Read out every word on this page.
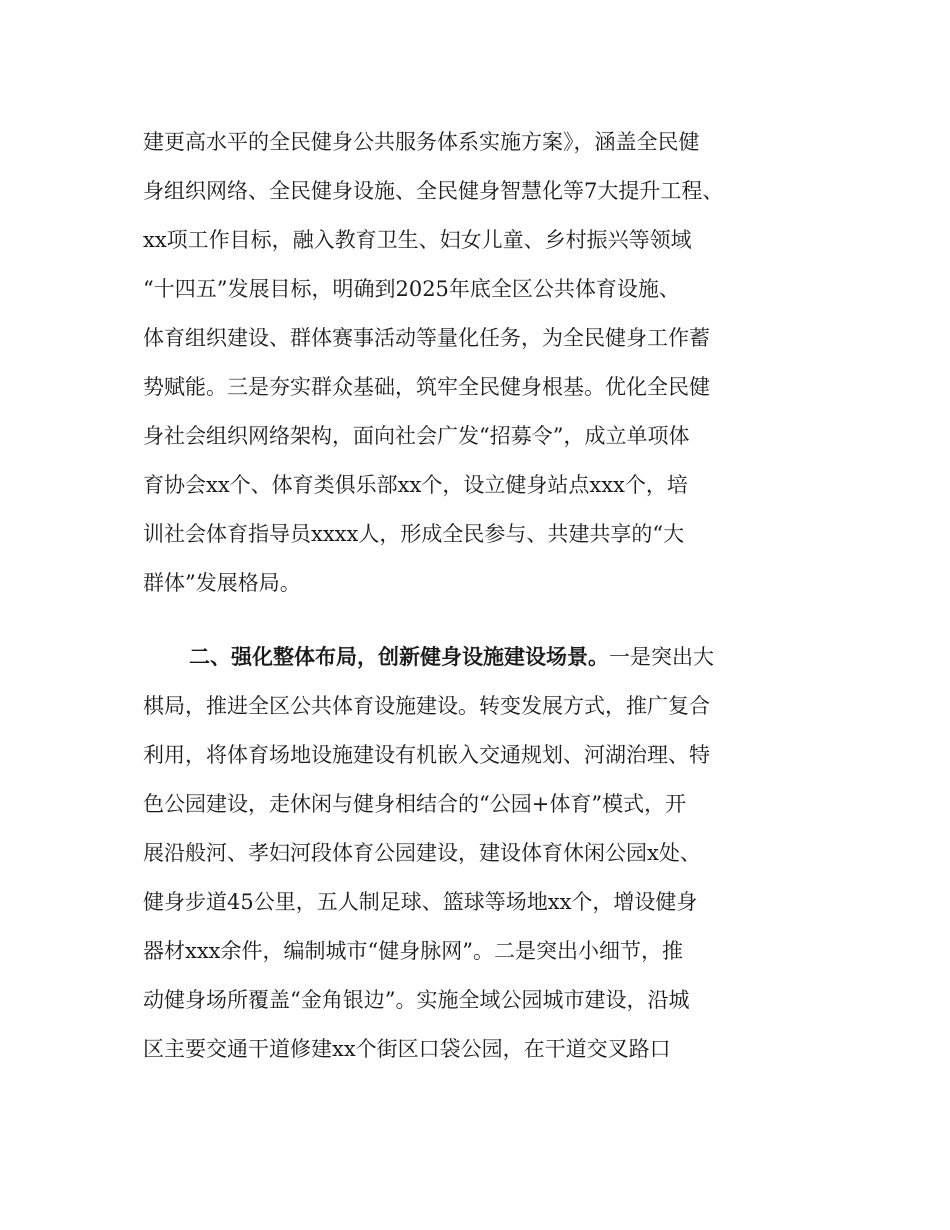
建更高水平的全民健身公共服务体系实施方案》，涵盖全民健
身组织网络、全民健身设施、全民健身智慧化等7大提升工程、
xx项工作目标，融入教育卫生、妇女儿童、乡村振兴等领域
“十四五”发展目标，明确到2025年底全区公共体育设施、
体育组织建设、群体赛事活动等量化任务，为全民健身工作蓄
势赋能。三是夯实群众基础，筑牢全民健身根基。优化全民健
身社会组织网络架构，面向社会广发“招募令”，成立单项体
育协会xx个、体育类俱乐部xx个，设立健身站点xxx个，培
训社会体育指导员xxxx人，形成全民参与、共建共享的“大
群体”发展格局。
二、强化整体布局，创新健身设施建设场景。一是突出大
棋局，推进全区公共体育设施建设。转变发展方式，推广复合
利用，将体育场地设施建设有机嵌入交通规划、河湖治理、特
色公园建设，走休闲与健身相结合的“公园+体育”模式，开
展沿般河、孝妇河段体育公园建设，建设体育休闲公园x处、
健身步道45公里，五人制足球、篮球等场地xx个，增设健身
器材xxx余件，编制城市“健身脉网”。二是突出小细节，推
动健身场所覆盖“金角银边”。实施全域公园城市建设，沿城
区主要交通干道修建xx个街区口袋公园，在干道交叉路口
